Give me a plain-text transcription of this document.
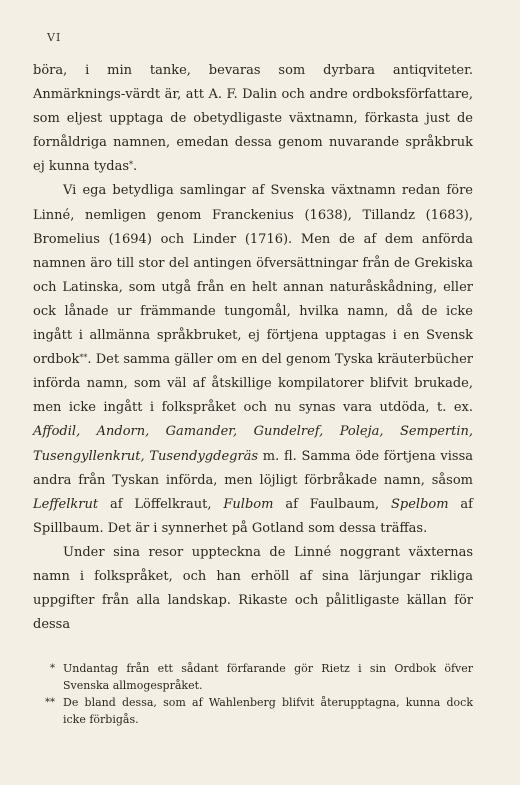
VI

böra, i min tanke, bevaras som dyrbara antiqviteter. Anmärknings-värdt är, att A. F. Dalin och andre ordboksförfattare, som eljest upptaga de obetydligaste växtnamn, förkasta just de fornåldriga namnen, emedan dessa genom nuvarande språkbruk ej kunna tydas*.

Vi ega betydliga samlingar af Svenska växtnamn redan före Linné, nemligen genom Franckenius (1638), Tillandz (1683), Bromelius (1694) och Linder (1716). Men de af dem anförda namnen äro till stor del antingen öfversättningar från de Grekiska och Latinska, som utgå från en helt annan naturåskådning, eller ock lånade ur främmande tungomål, hvilka namn, då de icke ingått i allmänna språkbruket, ej förtjena upptagas i en Svensk ordbok**. Det samma gäller om en del genom Tyska kräuterbücher införda namn, som väl af åtskillige kompilatorer blifvit brukade, men icke ingått i folkspråket och nu synas vara utdöda, t. ex. Affodil, Andorn, Gamander, Gundelref, Poleja, Sempertin, Tusengyllenkrut, Tusendygdegräs m. fl. Samma öde förtjena vissa andra från Tyskan införda, men löjligt förbråkade namn, såsom Leffelkrut af Löffelkraut, Fulbom af Faulbaum, Spelbom af Spillbaum. Det är i synnerhet på Gotland som dessa träffas.

Under sina resor uppteckna de Linné noggrant växternas namn i folkspråket, och han erhöll af sina lärjungar rikliga uppgifter från alla landskap. Rikaste och pålitligaste källan för dessa

* Undantag från ett sådant förfarande gör Rietz i sin Ordbok öfver Svenska allmogespråket.
** De bland dessa, som af Wahlenberg blifvit återupptagna, kunna dock icke förbigås.
